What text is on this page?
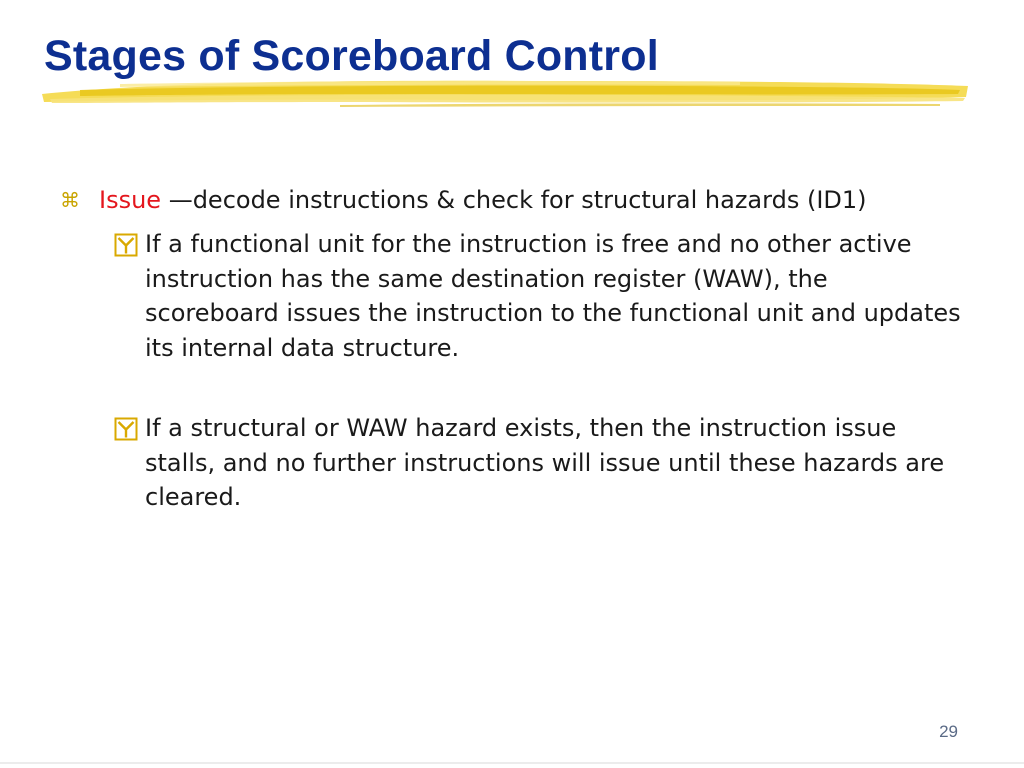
Stages of Scoreboard Control
⌘ Issue —decode instructions & check for structural hazards (ID1)
If a functional unit for the instruction is free and no other active instruction has the same destination register (WAW), the scoreboard issues the instruction to the functional unit and updates its internal data structure.
If a structural or WAW hazard exists, then the instruction issue stalls, and no further instructions will issue until these hazards are cleared.
29
